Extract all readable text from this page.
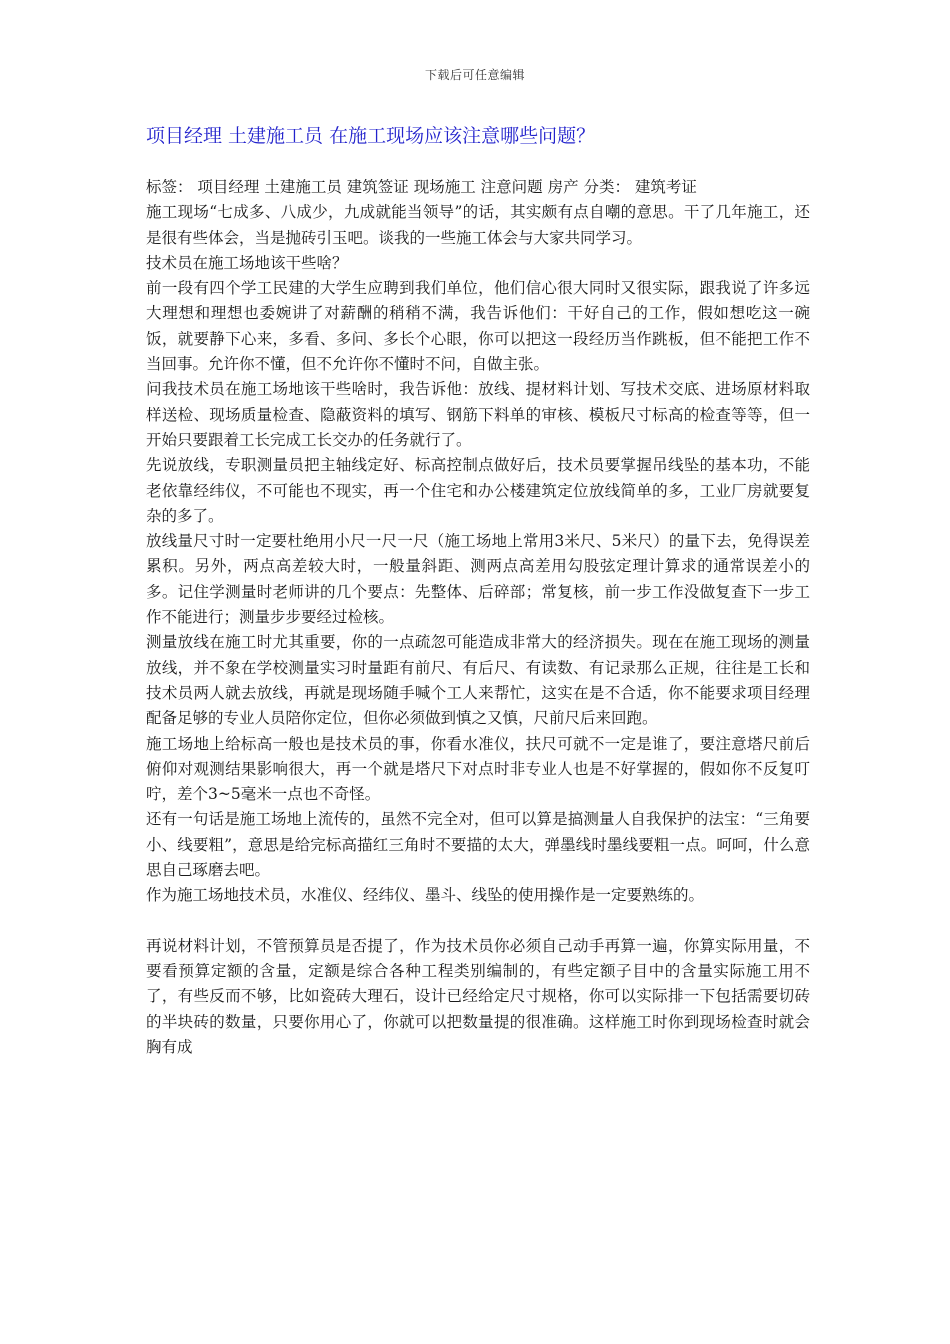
下载后可任意编辑
项目经理 土建施工员 在施工现场应该注意哪些问题？

标签： 项目经理 土建施工员 建筑签证 现场施工 注意问题 房产 分类： 建筑考证

施工现场“七成多、八成少，九成就能当领导”的话，其实颇有点自嘲的意思。干了几年施工，还是很有些体会，当是抛砖引玉吧。谈我的一些施工体会与大家共同学习。

技术员在施工场地该干些啥？

前一段有四个学工民建的大学生应聘到我们单位，他们信心很大同时又很实际，跟我说了许多远大理想和理想也委婉讲了对薪酬的稍稍不满，我告诉他们：干好自己的工作，假如想吃这一碗饭，就要静下心来，多看、多问、多长个心眼，你可以把这一段经历当作跳板，但不能把工作不当回事。允许你不懂，但不允许你不懂时不问，自做主张。

问我技术员在施工场地该干些啥时，我告诉他：放线、提材料计划、写技术交底、进场原材料取样送检、现场质量检查、隐蔽资料的填写、钢筋下料单的审核、模板尺寸标高的检查等等，但一开始只要跟着工长完成工长交办的任务就行了。

先说放线，专职测量员把主轴线定好、标高控制点做好后，技术员要掌握吊线坠的基本功，不能老依靠经纬仪，不可能也不现实，再一个住宅和办公楼建筑定位放线简单的多，工业厂房就要复杂的多了。

放线量尺寸时一定要杜绝用小尺一尺一尺（施工场地上常用3米尺、5米尺）的量下去，免得误差累积。另外，两点高差较大时，一般量斜距、测两点高差用勾股弦定理计算求的通常误差小的多。记住学测量时老师讲的几个要点：先整体、后碎部；常复核，前一步工作没做复查下一步工作不能进行；测量步步要经过检核。

测量放线在施工时尤其重要，你的一点疏忽可能造成非常大的经济损失。现在在施工现场的测量放线，并不象在学校测量实习时量距有前尺、有后尺、有读数、有记录那么正规，往往是工长和技术员两人就去放线，再就是现场随手喊个工人来帮忙，这实在是不合适，你不能要求项目经理配备足够的专业人员陪你定位，但你必须做到慎之又慎，尺前尺后来回跑。

施工场地上给标高一般也是技术员的事，你看水准仪，扶尺可就不一定是谁了，要注意塔尺前后俯仰对观测结果影响很大，再一个就是塔尺下对点时非专业人也是不好掌握的，假如你不反复叮咛，差个3~5毫米一点也不奇怪。

还有一句话是施工场地上流传的，虽然不完全对，但可以算是搞测量人自我保护的法宝：“三角要小、线要粗”，意思是给完标高描红三角时不要描的太大，弹墨线时墨线要粗一点。呵呵，什么意思自己琢磨去吧。

作为施工场地技术员，水准仪、经纬仪、墨斗、线坠的使用操作是一定要熟练的。

再说材料计划，不管预算员是否提了，作为技术员你必须自己动手再算一遍，你算实际用量，不要看预算定额的含量，定额是综合各种工程类别编制的，有些定额子目中的含量实际施工用不了，有些反而不够，比如瓷砖大理石，设计已经给定尺寸规格，你可以实际排一下包括需要切砖的半块砖的数量，只要你用心了，你就可以把数量提的很准确。这样施工时你到现场检查时就会胸有成
